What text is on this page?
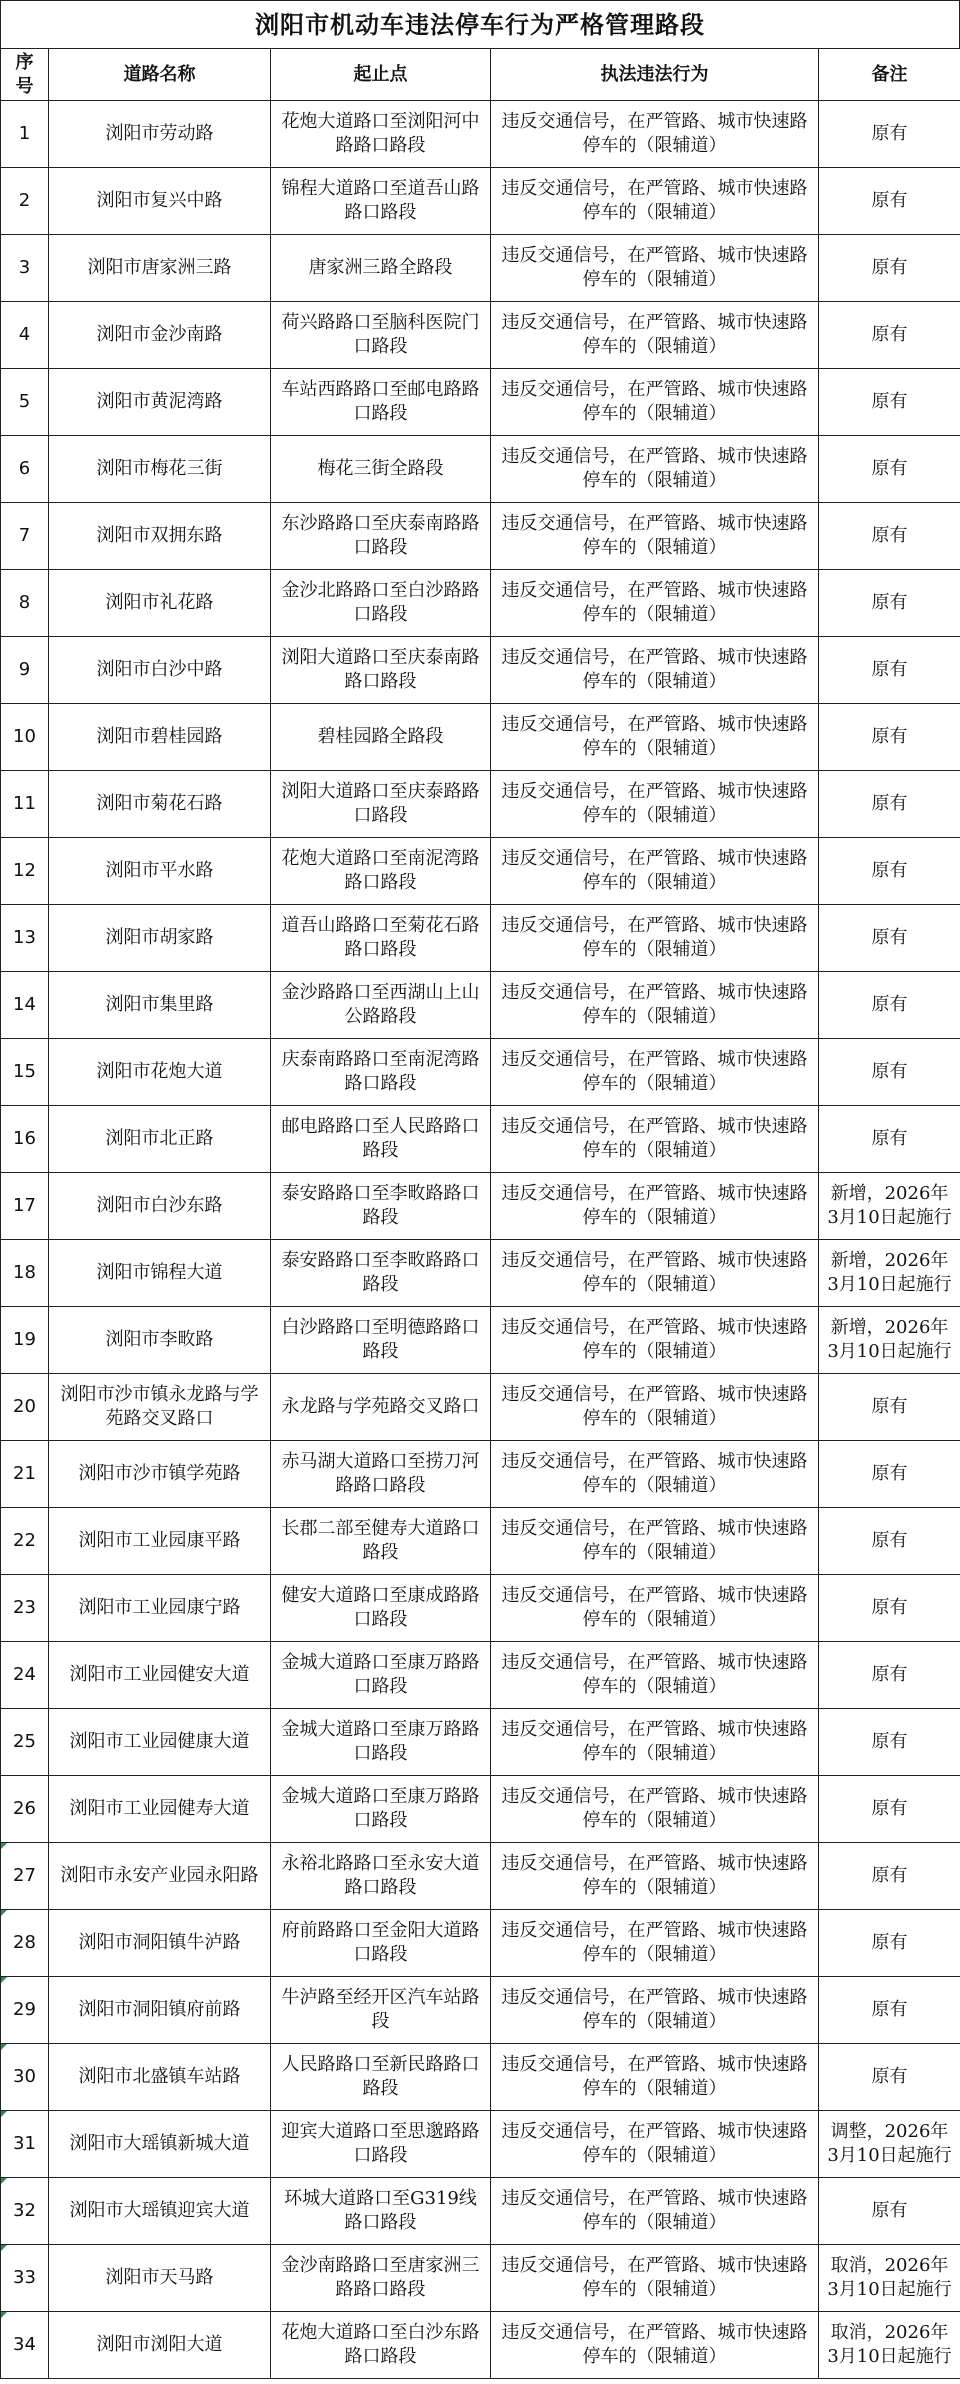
浏阳市机动车违法停车行为严格管理路段
序号	道路名称	起止点	执法违法行为	备注
1	浏阳市劳动路	花炮大道路口至浏阳河中路路口路段	违反交通信号，在严管路、城市快速路停车的（限辅道）	原有
2	浏阳市复兴中路	锦程大道路口至道吾山路路口路段	违反交通信号，在严管路、城市快速路停车的（限辅道）	原有
3	浏阳市唐家洲三路	唐家洲三路全路段	违反交通信号，在严管路、城市快速路停车的（限辅道）	原有
4	浏阳市金沙南路	荷兴路路口至脑科医院门口路段	违反交通信号，在严管路、城市快速路停车的（限辅道）	原有
5	浏阳市黄泥湾路	车站西路路口至邮电路路口路段	违反交通信号，在严管路、城市快速路停车的（限辅道）	原有
6	浏阳市梅花三街	梅花三街全路段	违反交通信号，在严管路、城市快速路停车的（限辅道）	原有
7	浏阳市双拥东路	东沙路路口至庆泰南路路口路段	违反交通信号，在严管路、城市快速路停车的（限辅道）	原有
8	浏阳市礼花路	金沙北路路口至白沙路路口路段	违反交通信号，在严管路、城市快速路停车的（限辅道）	原有
9	浏阳市白沙中路	浏阳大道路口至庆泰南路路口路段	违反交通信号，在严管路、城市快速路停车的（限辅道）	原有
10	浏阳市碧桂园路	碧桂园路全路段	违反交通信号，在严管路、城市快速路停车的（限辅道）	原有
11	浏阳市菊花石路	浏阳大道路口至庆泰路路口路段	违反交通信号，在严管路、城市快速路停车的（限辅道）	原有
12	浏阳市平水路	花炮大道路口至南泥湾路路口路段	违反交通信号，在严管路、城市快速路停车的（限辅道）	原有
13	浏阳市胡家路	道吾山路路口至菊花石路路口路段	违反交通信号，在严管路、城市快速路停车的（限辅道）	原有
14	浏阳市集里路	金沙路路口至西湖山上山公路路段	违反交通信号，在严管路、城市快速路停车的（限辅道）	原有
15	浏阳市花炮大道	庆泰南路路口至南泥湾路路口路段	违反交通信号，在严管路、城市快速路停车的（限辅道）	原有
16	浏阳市北正路	邮电路路口至人民路路口路段	违反交通信号，在严管路、城市快速路停车的（限辅道）	原有
17	浏阳市白沙东路	泰安路路口至李畋路路口路段	违反交通信号，在严管路、城市快速路停车的（限辅道）	新增，2026年3月10日起施行
18	浏阳市锦程大道	泰安路路口至李畋路路口路段	违反交通信号，在严管路、城市快速路停车的（限辅道）	新增，2026年3月10日起施行
19	浏阳市李畋路	白沙路路口至明德路路口路段	违反交通信号，在严管路、城市快速路停车的（限辅道）	新增，2026年3月10日起施行
20	浏阳市沙市镇永龙路与学苑路交叉路口	永龙路与学苑路交叉路口	违反交通信号，在严管路、城市快速路停车的（限辅道）	原有
21	浏阳市沙市镇学苑路	赤马湖大道路口至捞刀河路路口路段	违反交通信号，在严管路、城市快速路停车的（限辅道）	原有
22	浏阳市工业园康平路	长郡二部至健寿大道路口路段	违反交通信号，在严管路、城市快速路停车的（限辅道）	原有
23	浏阳市工业园康宁路	健安大道路口至康成路路口路段	违反交通信号，在严管路、城市快速路停车的（限辅道）	原有
24	浏阳市工业园健安大道	金城大道路口至康万路路口路段	违反交通信号，在严管路、城市快速路停车的（限辅道）	原有
25	浏阳市工业园健康大道	金城大道路口至康万路路口路段	违反交通信号，在严管路、城市快速路停车的（限辅道）	原有
26	浏阳市工业园健寿大道	金城大道路口至康万路路口路段	违反交通信号，在严管路、城市快速路停车的（限辅道）	原有
27	浏阳市永安产业园永阳路	永裕北路路口至永安大道路口路段	违反交通信号，在严管路、城市快速路停车的（限辅道）	原有
28	浏阳市洞阳镇牛泸路	府前路路口至金阳大道路口路段	违反交通信号，在严管路、城市快速路停车的（限辅道）	原有
29	浏阳市洞阳镇府前路	牛泸路至经开区汽车站路段	违反交通信号，在严管路、城市快速路停车的（限辅道）	原有
30	浏阳市北盛镇车站路	人民路路口至新民路路口路段	违反交通信号，在严管路、城市快速路停车的（限辅道）	原有
31	浏阳市大瑶镇新城大道	迎宾大道路口至思邈路路口路段	违反交通信号，在严管路、城市快速路停车的（限辅道）	调整，2026年3月10日起施行
32	浏阳市大瑶镇迎宾大道	环城大道路口至G319线路口路段	违反交通信号，在严管路、城市快速路停车的（限辅道）	原有
33	浏阳市天马路	金沙南路路口至唐家洲三路路口路段	违反交通信号，在严管路、城市快速路停车的（限辅道）	取消，2026年3月10日起施行
34	浏阳市浏阳大道	花炮大道路口至白沙东路路口路段	违反交通信号，在严管路、城市快速路停车的（限辅道）	取消，2026年3月10日起施行
